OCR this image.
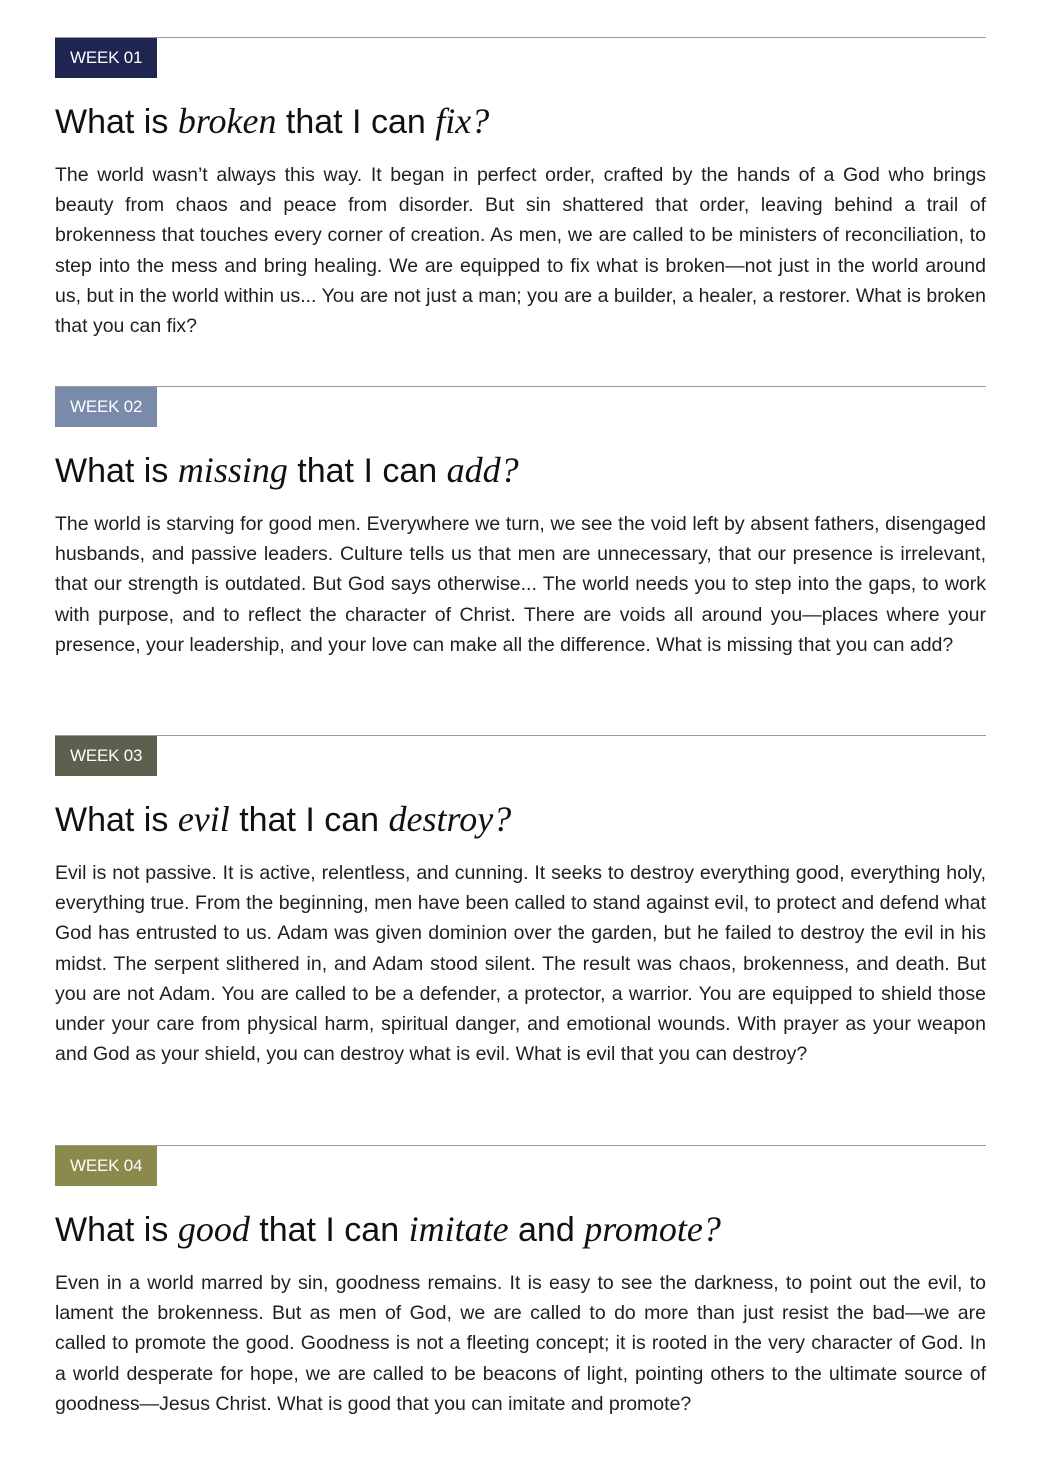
WEEK 01
What is broken that I can fix?

The world wasn’t always this way. It began in perfect order, crafted by the hands of a God who brings beauty from chaos and peace from disorder. But sin shattered that order, leaving behind a trail of brokenness that touches every corner of creation. As men, we are called to be ministers of reconciliation, to step into the mess and bring healing. We are equipped to fix what is broken—not just in the world around us, but in the world within us... You are not just a man; you are a builder, a healer, a restorer. What is broken that you can fix?

WEEK 02
What is missing that I can add?

The world is starving for good men. Everywhere we turn, we see the void left by absent fathers, disengaged husbands, and passive leaders. Culture tells us that men are unnecessary, that our presence is irrelevant, that our strength is outdated. But God says otherwise... The world needs you to step into the gaps, to work with purpose, and to reflect the character of Christ. There are voids all around you—places where your presence, your leadership, and your love can make all the difference. What is missing that you can add?

WEEK 03
What is evil that I can destroy?

Evil is not passive. It is active, relentless, and cunning. It seeks to destroy everything good, everything holy, everything true. From the beginning, men have been called to stand against evil, to protect and defend what God has entrusted to us. Adam was given dominion over the garden, but he failed to destroy the evil in his midst. The serpent slithered in, and Adam stood silent. The result was chaos, brokenness, and death. But you are not Adam. You are called to be a defender, a protector, a warrior. You are equipped to shield those under your care from physical harm, spiritual danger, and emotional wounds. With prayer as your weapon and God as your shield, you can destroy what is evil. What is evil that you can destroy?

WEEK 04
What is good that I can imitate and promote?

Even in a world marred by sin, goodness remains. It is easy to see the darkness, to point out the evil, to lament the brokenness. But as men of God, we are called to do more than just resist the bad—we are called to promote the good. Goodness is not a fleeting concept; it is rooted in the very character of God. In a world desperate for hope, we are called to be beacons of light, pointing others to the ultimate source of goodness—Jesus Christ. What is good that you can imitate and promote?
